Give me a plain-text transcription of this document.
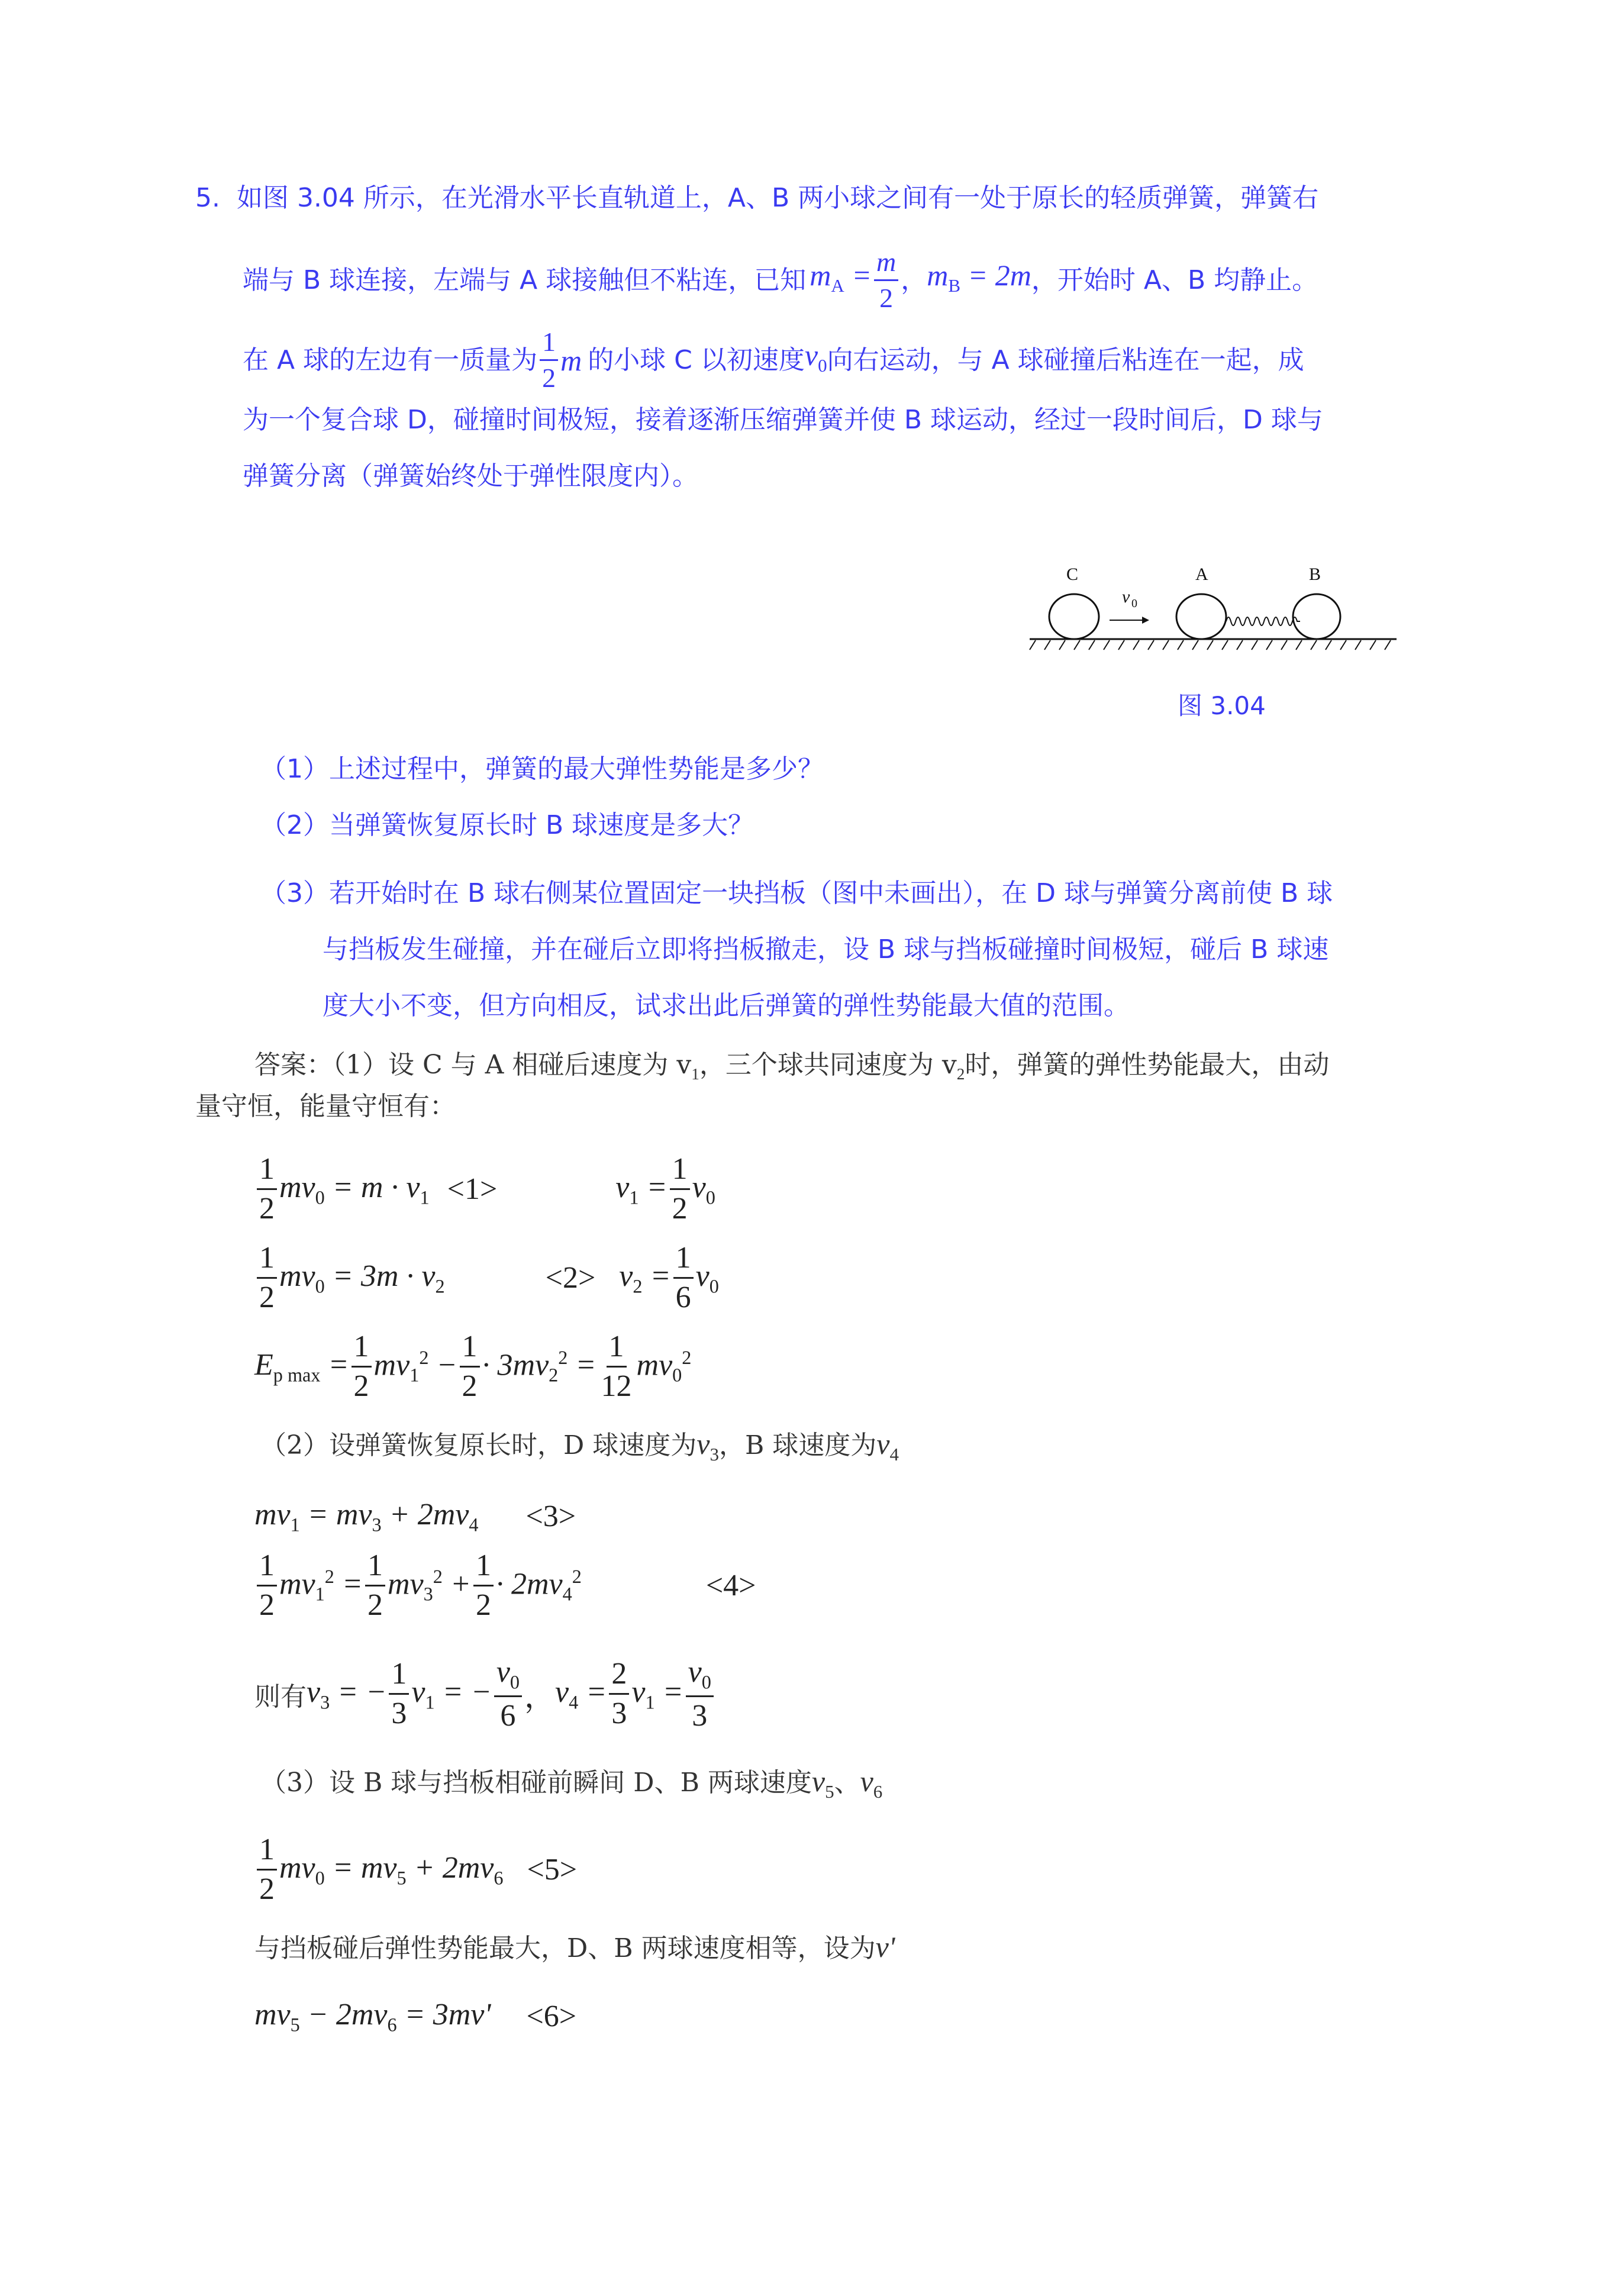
5. 如图 3.04 所示，在光滑水平长直轨道上，A、B 两小球之间有一处于原长的轻质弹簧，弹簧右
端与 B 球连接，左端与 A 球接触但不粘连，已知 $m_A = \frac{m}{2}$ ， $m_B = 2m$ ，开始时 A、B 均静止。
在 A 球的左边有一质量为 $\frac{1}{2}$ m 的小球 C 以初速度 $v_0$ 向右运动，与 A 球碰撞后粘连在一起，成
为一个复合球 D，碰撞时间极短，接着逐渐压缩弹簧并使 B 球运动，经过一段时间后，D 球与
弹簧分离（弹簧始终处于弹性限度内）。
C	A	B
v 0
图 3.04
（1）上述过程中，弹簧的最大弹性势能是多少？
（2）当弹簧恢复原长时 B 球速度是多大？
（3）若开始时在 B 球右侧某位置固定一块挡板（图中未画出），在 D 球与弹簧分离前使 B 球
与挡板发生碰撞，并在碰后立即将挡板撤走，设 B 球与挡板碰撞时间极短，碰后 B 球速
度大小不变，但方向相反，试求出此后弹簧的弹性势能最大值的范围。
答案：（1）设 C 与 A 相碰后速度为 $v_1$，三个球共同速度为 $v_2$时，弹簧的弹性势能最大，由动
量守恒，能量守恒有：
$\frac{1}{2} mv_0 = m \cdot v_1 <1>$	$v_1 = \frac{1}{2} v_0$
$\frac{1}{2} mv_0 = 3m \cdot v_2$	$<2> v_2 = \frac{1}{6} v_0$
$E_{p max} = \frac{1}{2} mv_1^2 - \frac{1}{2} \cdot 3mv_2^2 = \frac{1}{12} mv_0^2$
（2）设弹簧恢复原长时，D 球速度为$v_3$，B 球速度为$v_4$
$mv_1 = mv_3 + 2mv_4 <3>$
$\frac{1}{2} mv_1^2 = \frac{1}{2} mv_3^2 + \frac{1}{2} \cdot 2mv_4^2$	<4>
则有 $v_3$ = − $\frac{1}{3} v_1$ = − $\frac{v_0}{6}$ ， $v_4 = \frac{2}{3} v_1 = \frac{v_0}{3}$
（3）设 B 球与挡板相碰前瞬间 D、B 两球速度$v_5$、$v_6$
$\frac{1}{2} mv_0 = mv_5 + 2mv_6 <5>$
与挡板碰后弹性势能最大，D、B 两球速度相等，设为v'
$mv_5 - 2mv_6 = 3mv' <6>$
